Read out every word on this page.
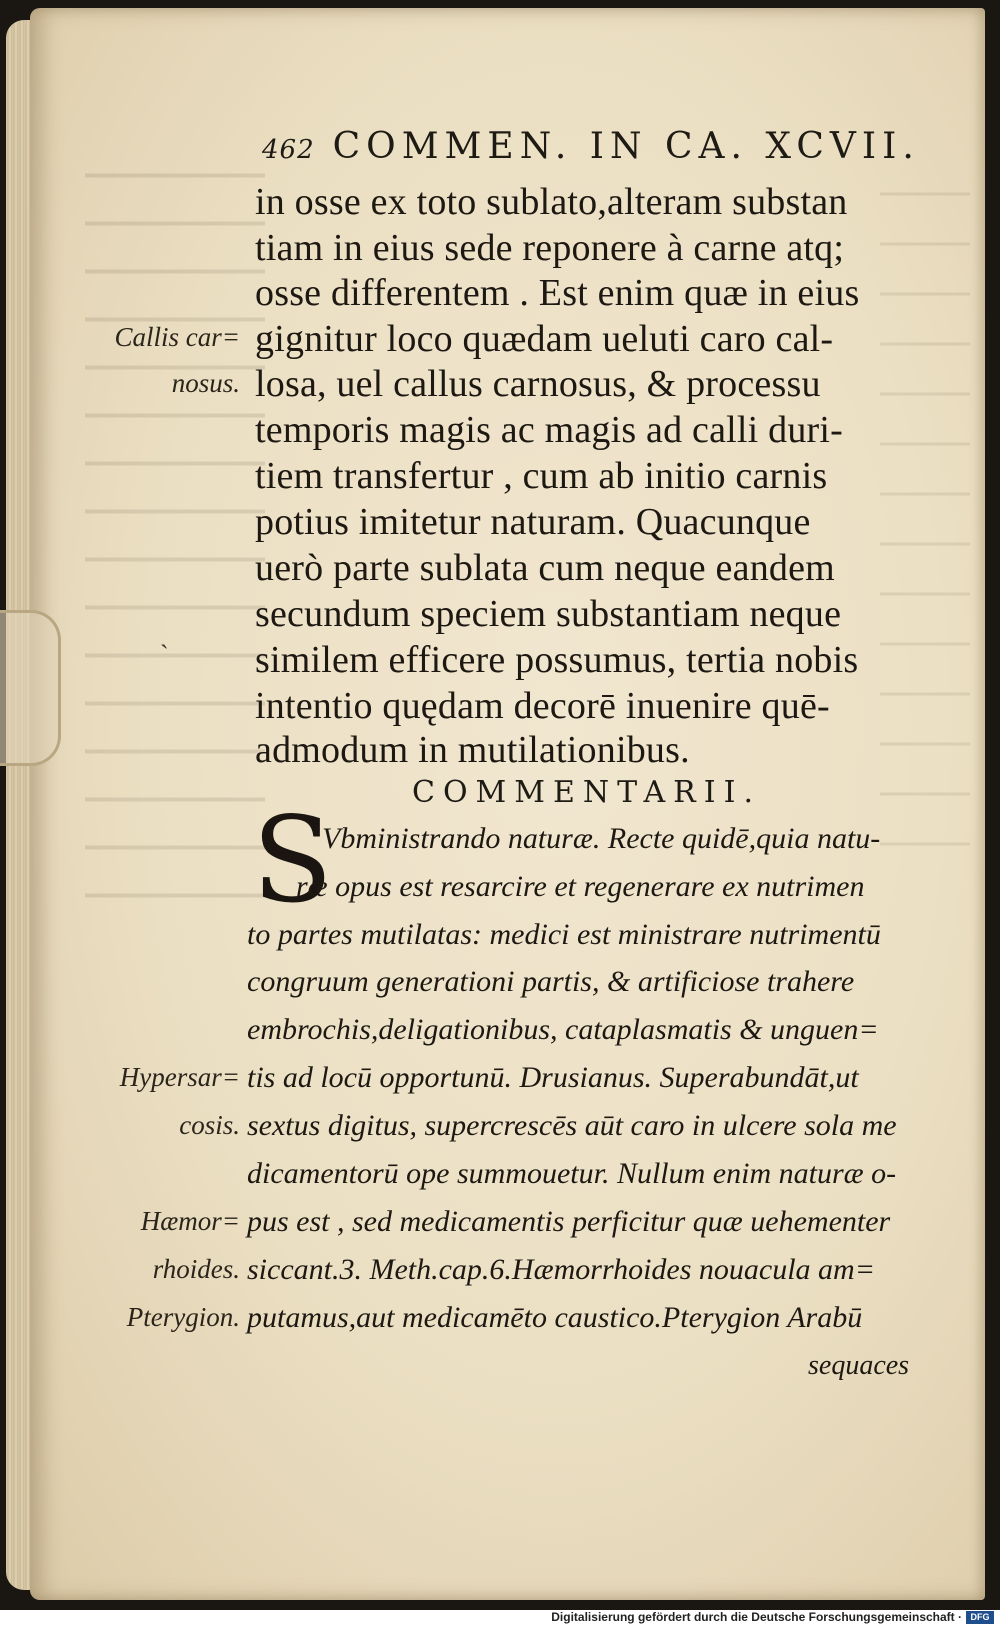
462 COMMEN. IN CA. XCVII.
in osse ex toto sublato,alteram substan
tiam in eius sede reponere à carne atq;
osse differentem . Est enim quæ in eius
gignitur loco quædam ueluti caro cal-
losa, uel callus carnosus, & processu
temporis magis ac magis ad calli duri-
tiem transfertur , cum ab initio carnis
potius imitetur naturam. Quacunque
uerò parte sublata cum neque eandem
secundum speciem substantiam neque
similem efficere possumus, tertia nobis
intentio quędam decorē inuenire quē-
admodum in mutilationibus.
Callis car=
nosus.
COMMENTARII.
S
Vbministrando naturæ. Recte quidē,quia natu-
ræ opus est resarcire et regenerare ex nutrimen
to partes mutilatas: medici est ministrare nutrimentū
congruum generationi partis, & artificiose trahere
embrochis,deligationibus, cataplasmatis & unguen=
tis ad locū opportunū. Drusianus. Superabundāt,ut
sextus digitus, supercrescēs aūt caro in ulcere sola me
dicamentorū ope summouetur. Nullum enim naturæ o-
pus est , sed medicamentis perficitur quæ uehementer
siccant.3. Meth.cap.6.Hæmorrhoides nouacula am=
putamus,aut medicamēto caustico.Pterygion Arabū
Hypersar=
cosis.
Hæmor=
rhoides.
Pterygion.
sequaces
ˋ
Digitalisierung gefördert durch die Deutsche Forschungsgemeinschaft · DFG
